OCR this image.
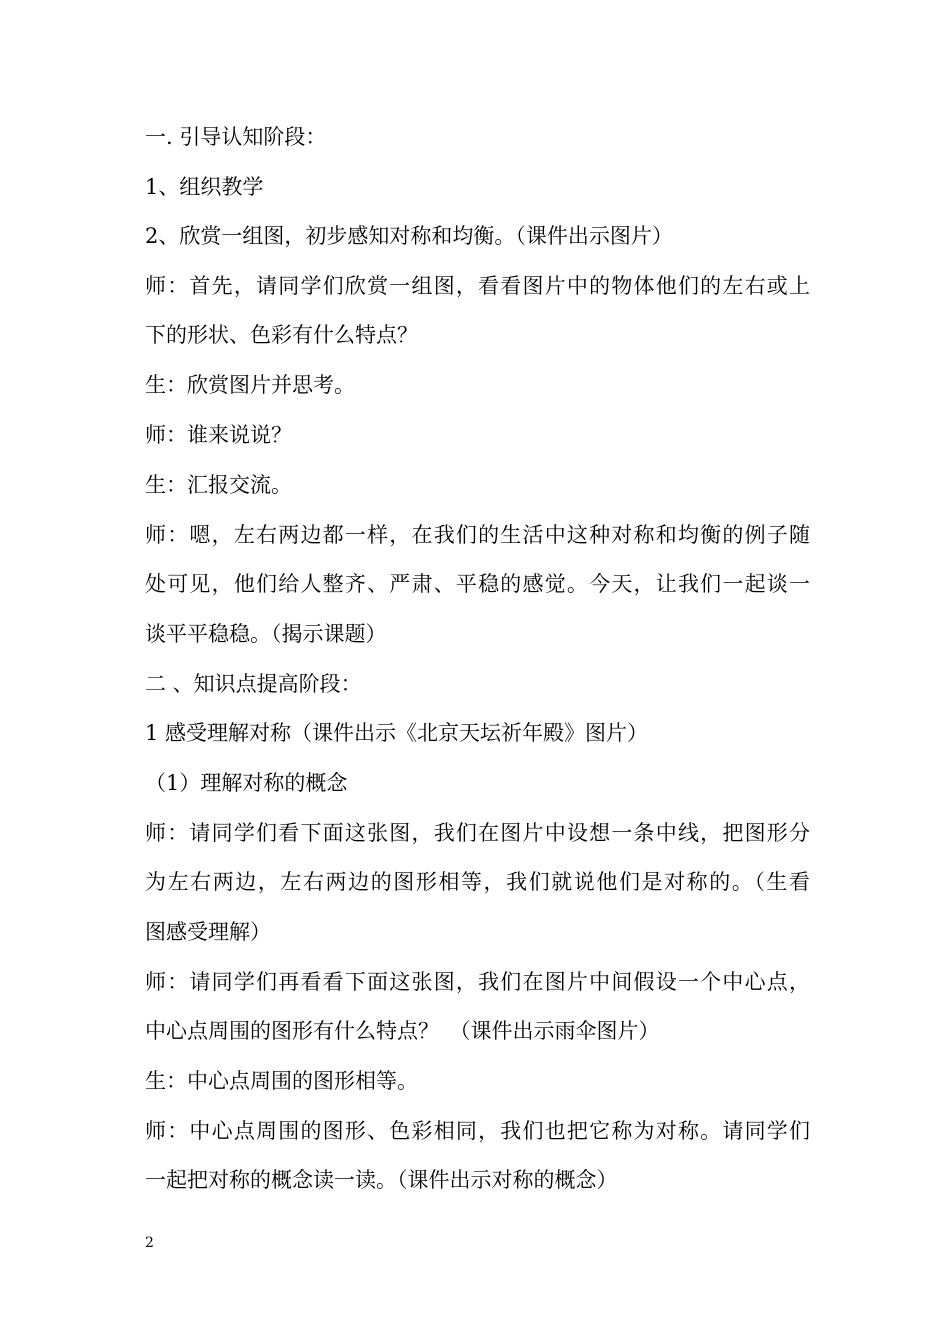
一. 引导认知阶段：
1、组织教学
2、欣赏一组图，初步感知对称和均衡。（课件出示图片）
师：首先，请同学们欣赏一组图，看看图片中的物体他们的左右或上
下的形状、色彩有什么特点？
生：欣赏图片并思考。
师：谁来说说？
生：汇报交流。
师：嗯，左右两边都一样，在我们的生活中这种对称和均衡的例子随
处可见，他们给人整齐、严肃、平稳的感觉。今天，让我们一起谈一
谈平平稳稳。（揭示课题）
二 、知识点提高阶段：
1 感受理解对称（课件出示《北京天坛祈年殿》图片）
（1）理解对称的概念
师：请同学们看下面这张图，我们在图片中设想一条中线，把图形分
为左右两边，左右两边的图形相等，我们就说他们是对称的。（生看
图感受理解）
师：请同学们再看看下面这张图，我们在图片中间假设一个中心点，
中心点周围的图形有什么特点？　（课件出示雨伞图片）
生：中心点周围的图形相等。
师：中心点周围的图形、色彩相同，我们也把它称为对称。请同学们
一起把对称的概念读一读。（课件出示对称的概念）
2
